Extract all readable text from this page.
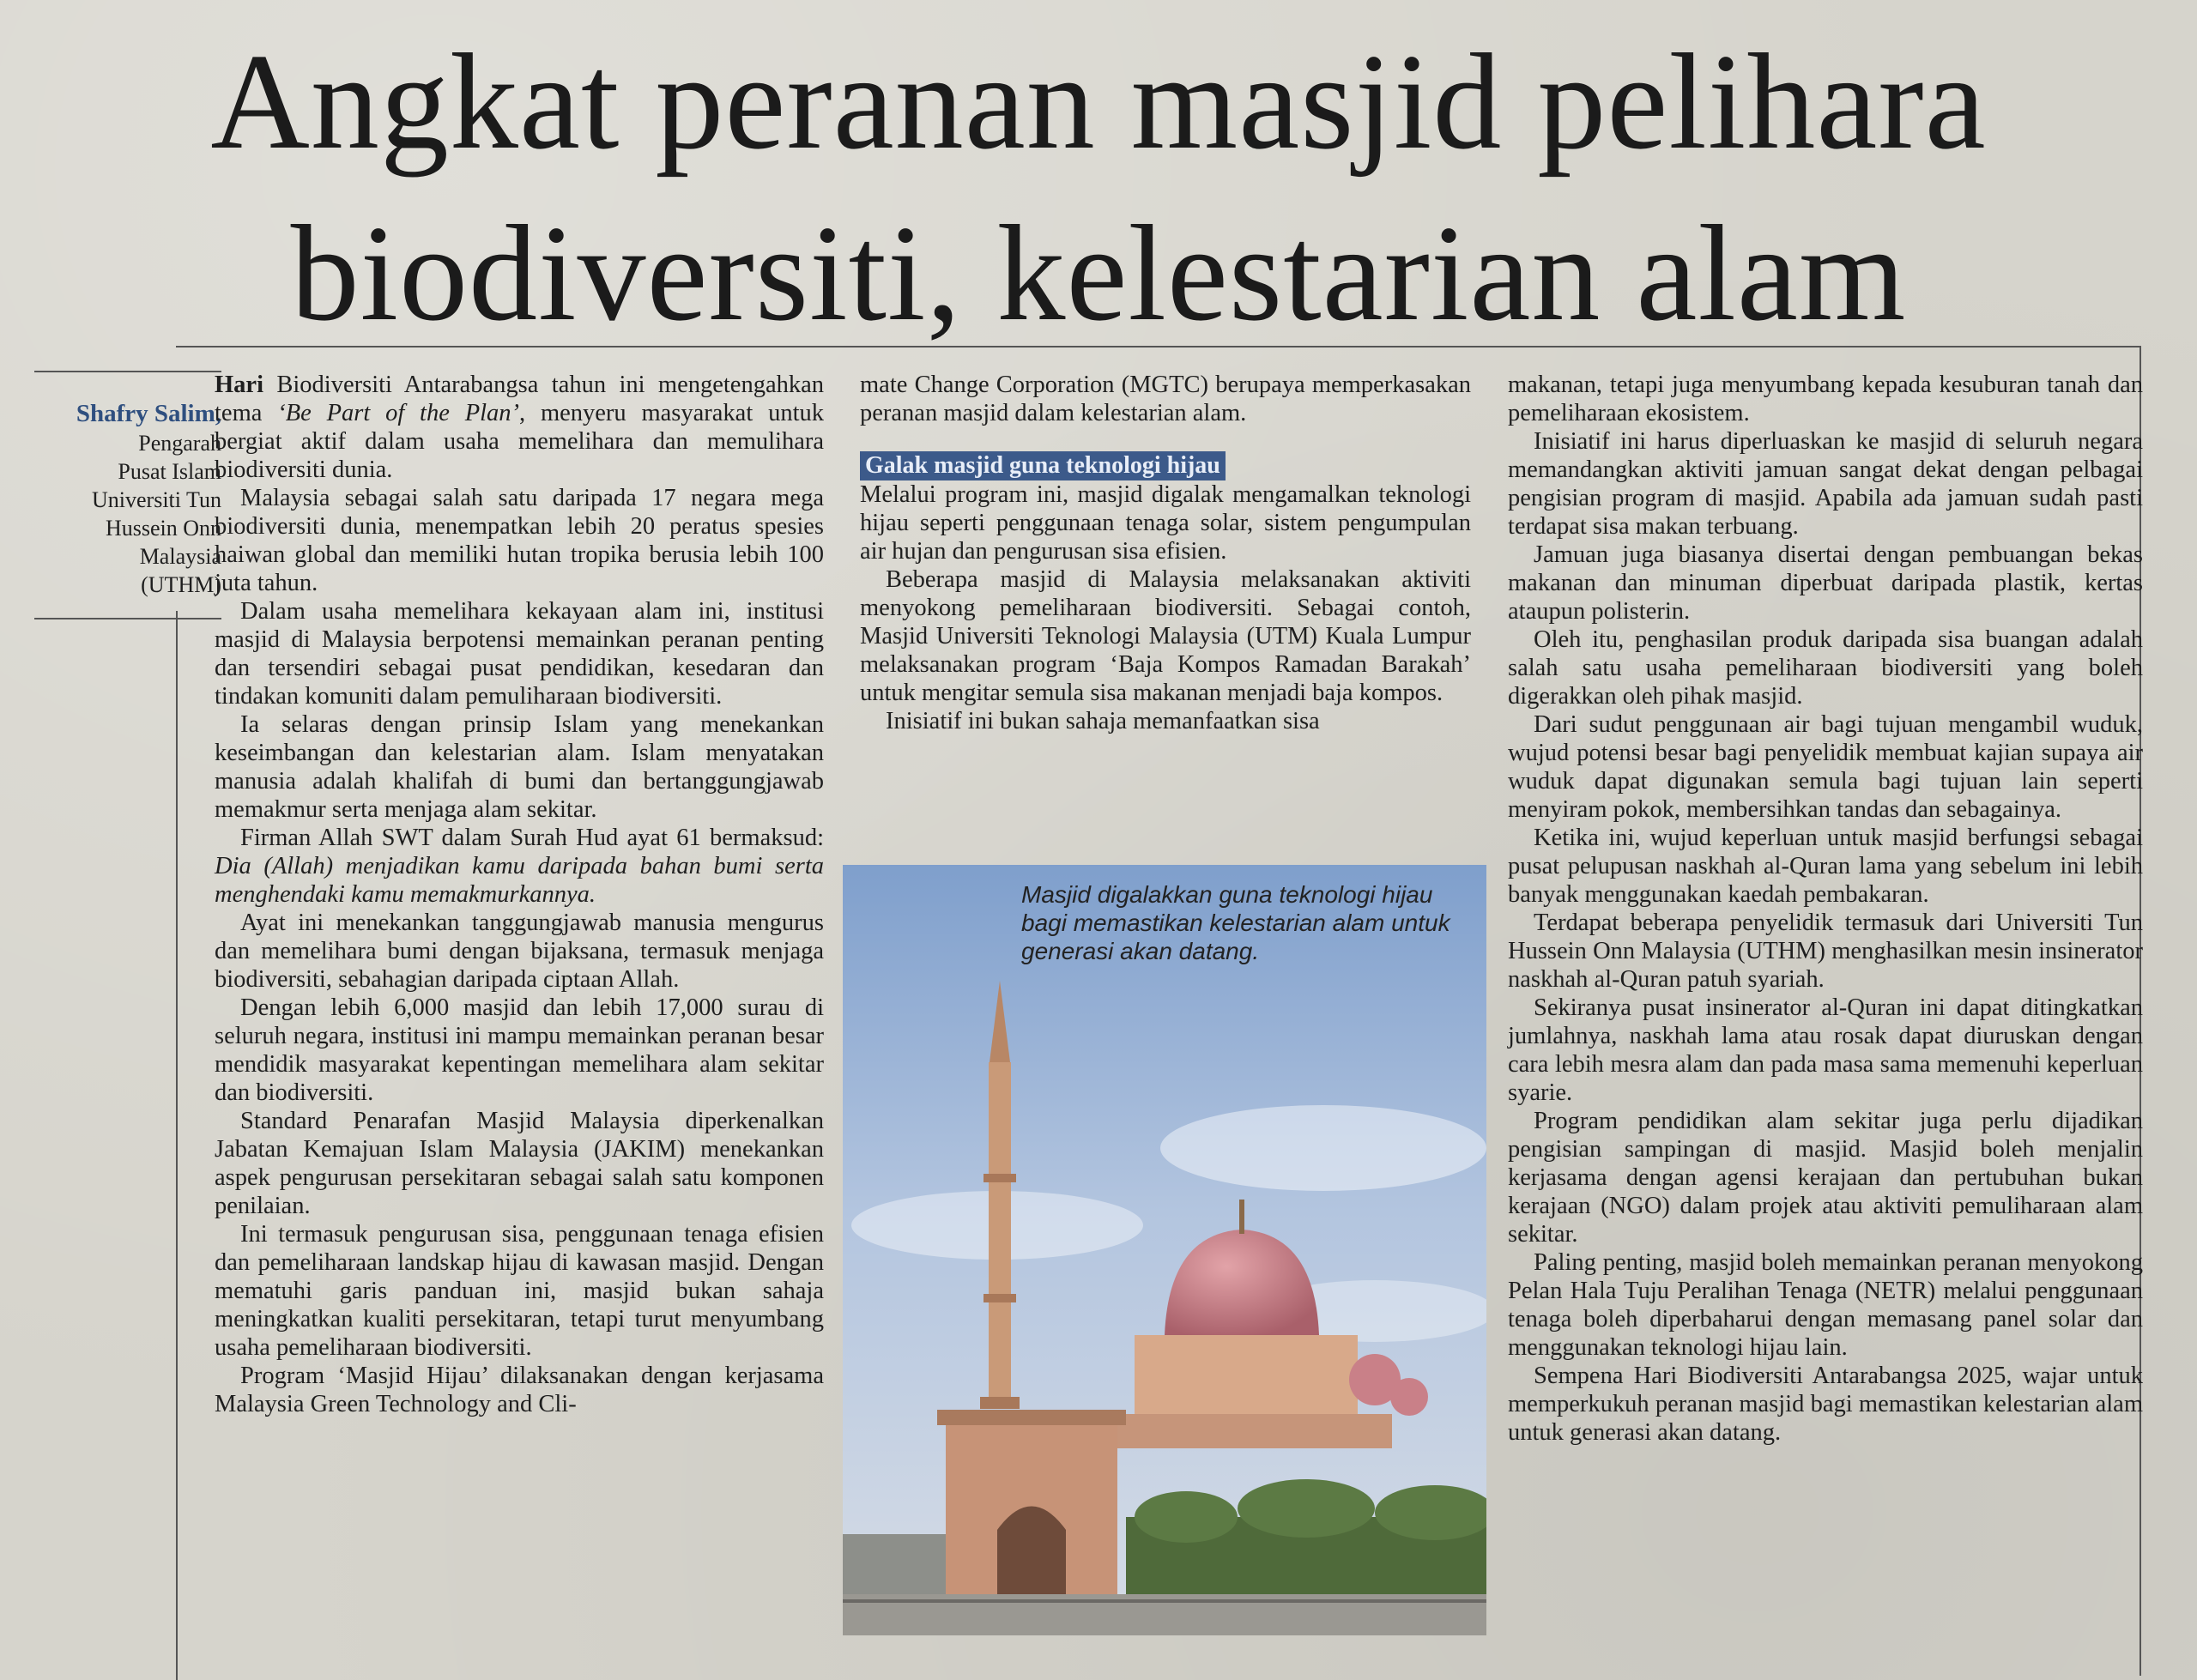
Angkat peranan masjid pelihara
biodiversiti, kelestarian alam
Shafry Salim,
Pengarah
Pusat Islam
Universiti Tun
Hussein Onn
Malaysia
(UTHM)

Hari Biodiversiti Antarabangsa tahun ini mengetengahkan tema ‘Be Part of the Plan’, menyeru masyarakat untuk bergiat aktif dalam usaha memelihara dan memulihara biodiversiti dunia.

Malaysia sebagai salah satu daripada 17 negara mega biodiversiti dunia, menempatkan lebih 20 peratus spesies haiwan global dan memiliki hutan tropika berusia lebih 100 juta tahun.

Dalam usaha memelihara kekayaan alam ini, institusi masjid di Malaysia berpotensi memainkan peranan penting dan tersendiri sebagai pusat pendidikan, kesedaran dan tindakan komuniti dalam pemuliharaan biodiversiti.

Ia selaras dengan prinsip Islam yang menekankan keseimbangan dan kelestarian alam. Islam menyatakan manusia adalah khalifah di bumi dan bertanggungjawab memakmur serta menjaga alam sekitar.

Firman Allah SWT dalam Surah Hud ayat 61 bermaksud: Dia (Allah) menjadikan kamu daripada bahan bumi serta menghendaki kamu memakmurkannya.

Ayat ini menekankan tanggungjawab manusia mengurus dan memelihara bumi dengan bijaksana, termasuk menjaga biodiversiti, sebahagian daripada ciptaan Allah.

Dengan lebih 6,000 masjid dan lebih 17,000 surau di seluruh negara, institusi ini mampu memainkan peranan besar mendidik masyarakat kepentingan memelihara alam sekitar dan biodiversiti.

Standard Penarafan Masjid Malaysia diperkenalkan Jabatan Kemajuan Islam Malaysia (JAKIM) menekankan aspek pengurusan persekitaran sebagai salah satu komponen penilaian.

Ini termasuk pengurusan sisa, penggunaan tenaga efisien dan pemeliharaan landskap hijau di kawasan masjid. Dengan mematuhi garis panduan ini, masjid bukan sahaja meningkatkan kualiti persekitaran, tetapi turut menyumbang usaha pemeliharaan biodiversiti.

Program ‘Masjid Hijau’ dilaksanakan dengan kerjasama Malaysia Green Technology and Cli-

mate Change Corporation (MGTC) berupaya memperkasakan peranan masjid dalam kelestarian alam.

Galak masjid guna teknologi hijau

Melalui program ini, masjid digalak mengamalkan teknologi hijau seperti penggunaan tenaga solar, sistem pengumpulan air hujan dan pengurusan sisa efisien.

Beberapa masjid di Malaysia melaksanakan aktiviti menyokong pemeliharaan biodiversiti. Sebagai contoh, Masjid Universiti Teknologi Malaysia (UTM) Kuala Lumpur melaksanakan program ‘Baja Kompos Ramadan Barakah’ untuk mengitar semula sisa makanan menjadi baja kompos.

Inisiatif ini bukan sahaja memanfaatkan sisa

Masjid digalakkan guna teknologi hijau bagi memastikan kelestarian alam untuk generasi akan datang.

makanan, tetapi juga menyumbang kepada kesuburan tanah dan pemeliharaan ekosistem.

Inisiatif ini harus diperluaskan ke masjid di seluruh negara memandangkan aktiviti jamuan sangat dekat dengan pelbagai pengisian program di masjid. Apabila ada jamuan sudah pasti terdapat sisa makan terbuang.

Jamuan juga biasanya disertai dengan pembuangan bekas makanan dan minuman diperbuat daripada plastik, kertas ataupun polisterin.

Oleh itu, penghasilan produk daripada sisa buangan adalah salah satu usaha pemeliharaan biodiversiti yang boleh digerakkan oleh pihak masjid.

Dari sudut penggunaan air bagi tujuan mengambil wuduk, wujud potensi besar bagi penyelidik membuat kajian supaya air wuduk dapat digunakan semula bagi tujuan lain seperti menyiram pokok, membersihkan tandas dan sebagainya.

Ketika ini, wujud keperluan untuk masjid berfungsi sebagai pusat pelupusan naskhah al-Quran lama yang sebelum ini lebih banyak menggunakan kaedah pembakaran.

Terdapat beberapa penyelidik termasuk dari Universiti Tun Hussein Onn Malaysia (UTHM) menghasilkan mesin insinerator naskhah al-Quran patuh syariah.

Sekiranya pusat insinerator al-Quran ini dapat ditingkatkan jumlahnya, naskhah lama atau rosak dapat diuruskan dengan cara lebih mesra alam dan pada masa sama memenuhi keperluan syarie.

Program pendidikan alam sekitar juga perlu dijadikan pengisian sampingan di masjid. Masjid boleh menjalin kerjasama dengan agensi kerajaan dan pertubuhan bukan kerajaan (NGO) dalam projek atau aktiviti pemuliharaan alam sekitar.

Paling penting, masjid boleh memainkan peranan menyokong Pelan Hala Tuju Peralihan Tenaga (NETR) melalui penggunaan tenaga boleh diperbaharui dengan memasang panel solar dan menggunakan teknologi hijau lain.

Sempena Hari Biodiversiti Antarabangsa 2025, wajar untuk memperkukuh peranan masjid bagi memastikan kelestarian alam untuk generasi akan datang.
